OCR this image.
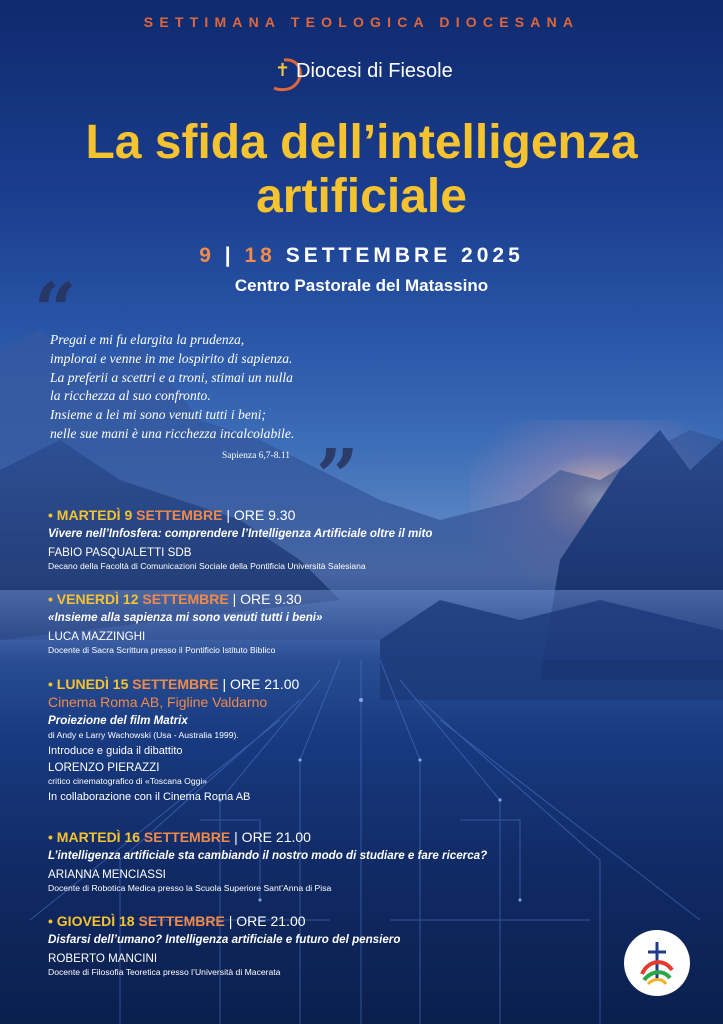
SETTIMANA TEOLOGICA DIOCESANA
✝ Diocesi di Fiesole
La sfida dell’intelligenza
artificiale
9 | 18 SETTEMBRE 2025
Centro Pastorale del Matassino
“
Pregai e mi fu elargita la prudenza,
implorai e venne in me lospirito di sapienza.
La preferii a scettri e a troni, stimai un nulla
la ricchezza al suo confronto.
Insieme a lei mi sono venuti tutti i beni;
nelle sue mani è una ricchezza incalcolabile.
Sapienza 6,7-8.11 ”
• MARTEDÌ 9 SETTEMBRE | ORE 9.30
Vivere nell’Infosfera: comprendere l’Intelligenza Artificiale oltre il mito
FABIO PASQUALETTI SDB
Decano della Facoltà di Comunicazioni Sociale della Pontificia Università Salesiana
• VENERDÌ 12 SETTEMBRE | ORE 9.30
«Insieme alla sapienza mi sono venuti tutti i beni»
LUCA MAZZINGHI
Docente di Sacra Scrittura presso il Pontificio Istituto Biblico
• LUNEDÌ 15 SETTEMBRE | ORE 21.00
Cinema Roma AB, Figline Valdarno
Proiezione del film Matrix
di Andy e Larry Wachowski (Usa - Australia 1999).
Introduce e guida il dibattito
LORENZO PIERAZZI
critico cinematografico di «Toscana Oggi»
In collaborazione con il Cinema Roma AB
• MARTEDÌ 16 SETTEMBRE | ORE 21.00
L’intelligenza artificiale sta cambiando il nostro modo di studiare e fare ricerca?
ARIANNA MENCIASSI
Docente di Robotica Medica presso la Scuola Superiore Sant’Anna di Pisa
• GIOVEDÌ 18 SETTEMBRE | ORE 21.00
Disfarsi dell’umano? Intelligenza artificiale e futuro del pensiero
ROBERTO MANCINI
Docente di Filosofia Teoretica presso l’Università di Macerata
